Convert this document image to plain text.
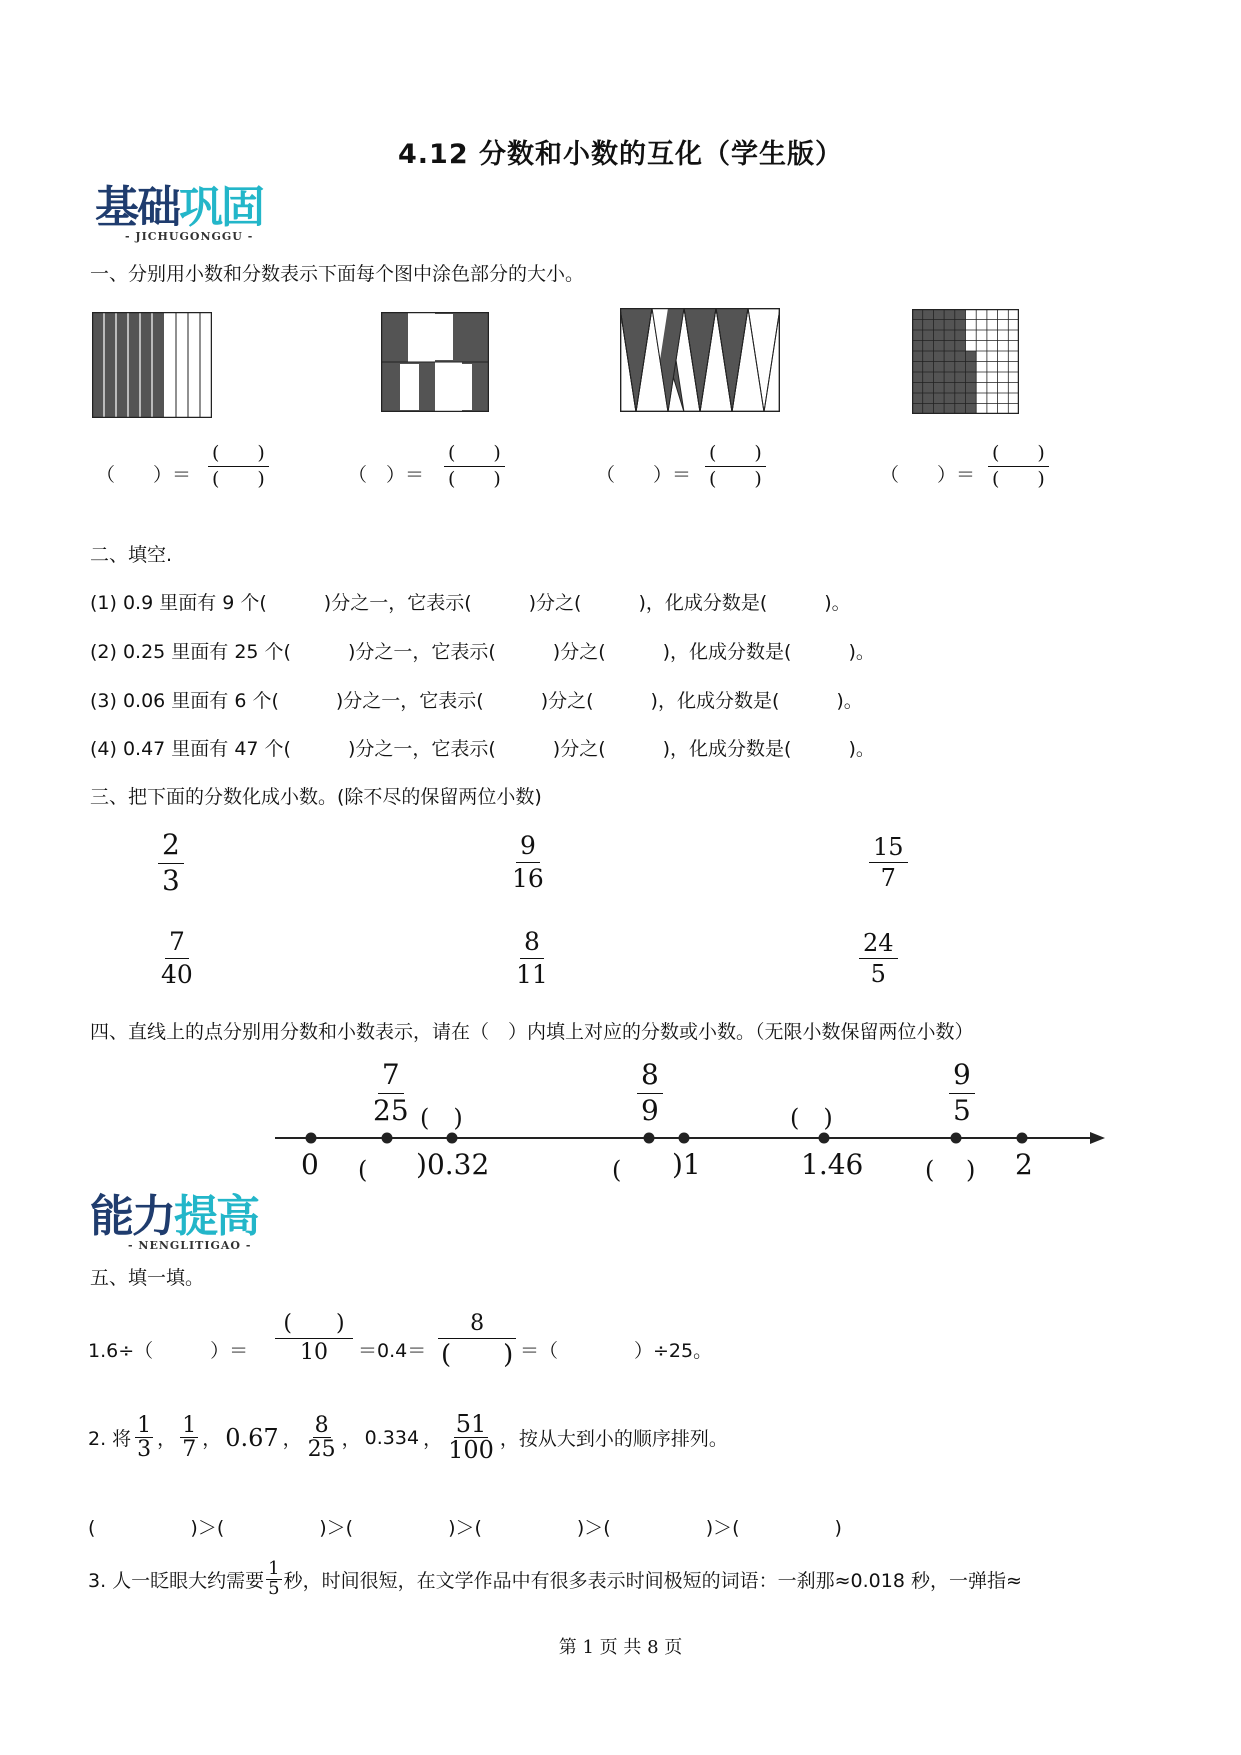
4.12 分数和小数的互化（学生版）
基础巩固
- JICHUGONGGU -
一、分别用小数和分数表示下面每个图中涂色部分的大小。
（　　）＝
(　　)
(　　)	（　）＝
(　　)
(　　)	（　　）＝
(　　)
(　　)	（　　）＝
(　　)
(　　)
二、填空.
(1) 0.9 里面有 9 个(　　　)分之一，它表示(　　　)分之(　　　)，化成分数是(　　　)。
(2) 0.25 里面有 25 个(　　　)分之一，它表示(　　　)分之(　　　)，化成分数是(　　　)。
(3) 0.06 里面有 6 个(　　　)分之一，它表示(　　　)分之(　　　)，化成分数是(　　　)。
(4) 0.47 里面有 47 个(　　　)分之一，它表示(　　　)分之(　　　)，化成分数是(　　　)。
三、把下面的分数化成小数。(除不尽的保留两位小数)
2
3
9
16
15
7
7
40
8
11
24
5
四、直线上的点分别用分数和小数表示，请在（　）内填上对应的分数或小数。（无限小数保留两位小数）
7
25 (　)
8
9	(　)
9
5
0 (　 )0.32	(　 )1	1.46	(　 ) 2
能力提高
- NENGLITIGAO -
五、填一填。
1.6÷（　　　）＝
(　　)
10 ＝0.4＝
8
(　　) ＝（　　　　）÷25。
2. 将
1
3 ，
1
7 ， 0.67 ，
8
25 ， 0.334 ，
51
100 ，按从大到小的顺序排列。
(　　　　　)＞(　　　　　)＞(　　　　　)＞(　　　　　)＞(　　　　　)＞(　　　　　)
3. 人一眨眼大约需要
1
5 秒，时间很短，在文学作品中有很多表示时间极短的词语：一刹那≈0.018 秒，一弹指≈
第 1 页 共 8 页
